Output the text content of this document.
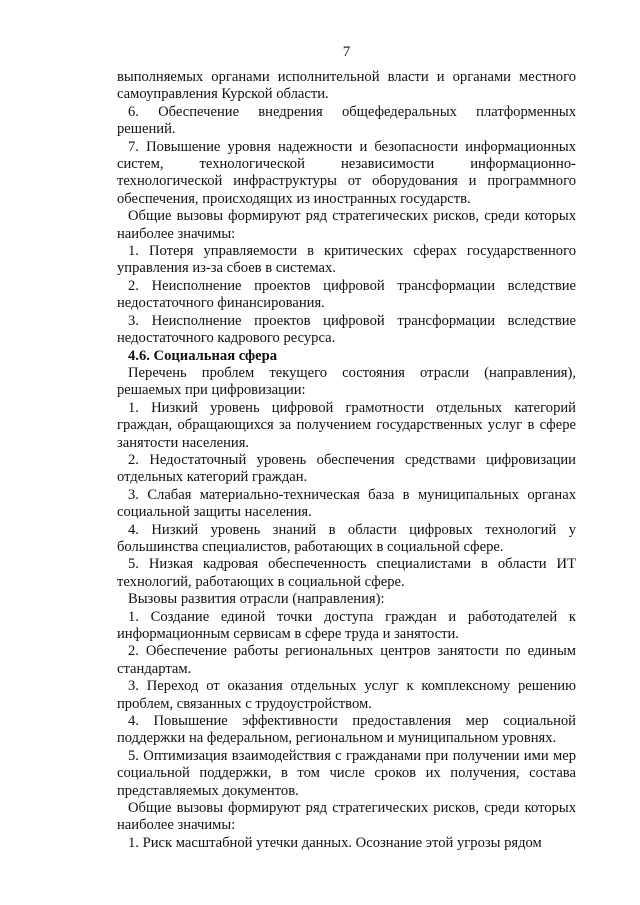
7

выполняемых органами исполнительной власти и органами местного самоуправления Курской области.

6. Обеспечение внедрения общефедеральных платформенных решений.

7. Повышение уровня надежности и безопасности информационных систем, технологической независимости информационно-технологической инфраструктуры от оборудования и программного обеспечения, происходящих из иностранных государств.

Общие вызовы формируют ряд стратегических рисков, среди которых наиболее значимы:

1. Потеря управляемости в критических сферах государственного управления из-за сбоев в системах.

2. Неисполнение проектов цифровой трансформации вследствие недостаточного финансирования.

3. Неисполнение проектов цифровой трансформации вследствие недостаточного кадрового ресурса.

4.6. Социальная сфера

Перечень проблем текущего состояния отрасли (направления), решаемых при цифровизации:

1. Низкий уровень цифровой грамотности отдельных категорий граждан, обращающихся за получением государственных услуг в сфере занятости населения.

2. Недостаточный уровень обеспечения средствами цифровизации отдельных категорий граждан.

3. Слабая материально-техническая база в муниципальных органах социальной защиты населения.

4. Низкий уровень знаний в области цифровых технологий у большинства специалистов, работающих в социальной сфере.

5. Низкая кадровая обеспеченность специалистами в области ИТ технологий, работающих в социальной сфере.

Вызовы развития отрасли (направления):

1. Создание единой точки доступа граждан и работодателей к информационным сервисам в сфере труда и занятости.

2. Обеспечение работы региональных центров занятости по единым стандартам.

3. Переход от оказания отдельных услуг к комплексному решению проблем, связанных с трудоустройством.

4. Повышение эффективности предоставления мер социальной поддержки на федеральном, региональном и муниципальном уровнях.

5. Оптимизация взаимодействия с гражданами при получении ими мер социальной поддержки, в том числе сроков их получения, состава представляемых документов.

Общие вызовы формируют ряд стратегических рисков, среди которых наиболее значимы:

1. Риск масштабной утечки данных. Осознание этой угрозы рядом
